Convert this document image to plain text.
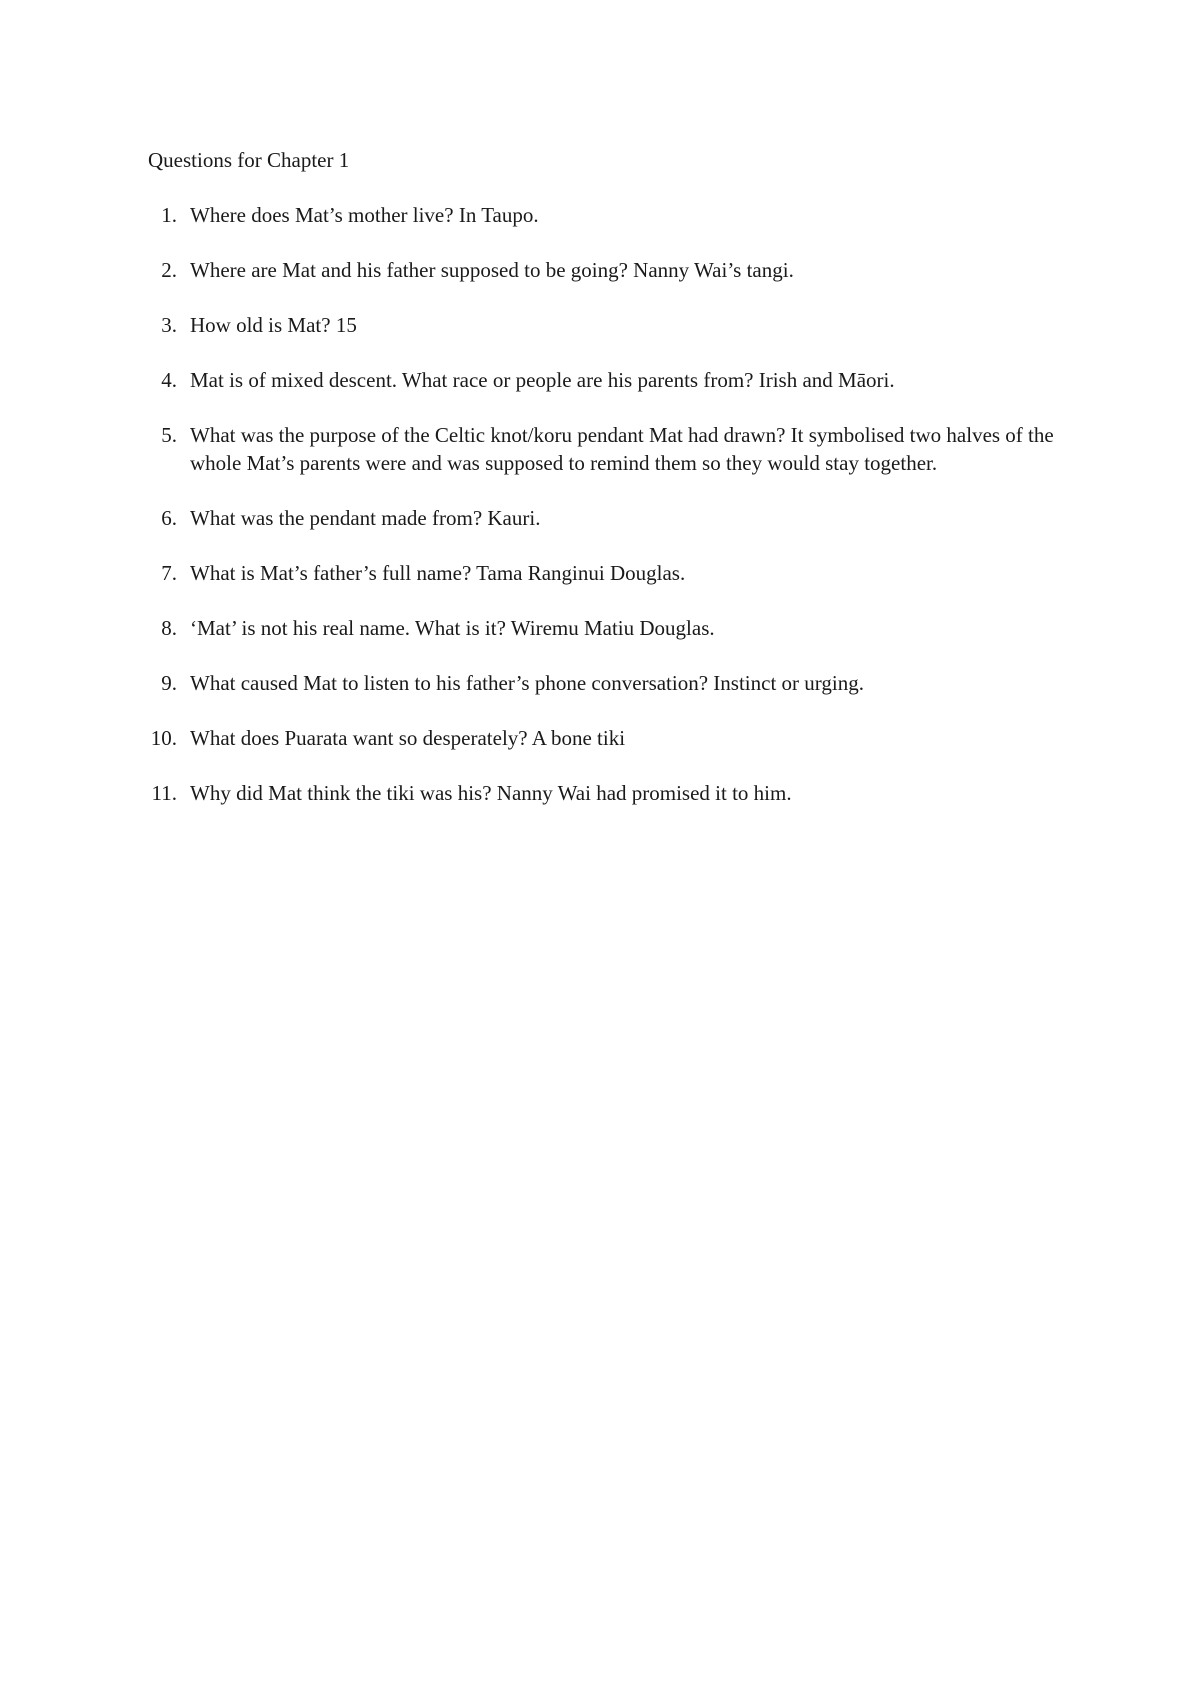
Questions for Chapter 1
1. Where does Mat’s mother live? In Taupo.
2. Where are Mat and his father supposed to be going? Nanny Wai’s tangi.
3. How old is Mat? 15
4. Mat is of mixed descent. What race or people are his parents from? Irish and Māori.
5. What was the purpose of the Celtic knot/koru pendant Mat had drawn? It symbolised two halves of the whole Mat’s parents were and was supposed to remind them so they would stay together.
6. What was the pendant made from? Kauri.
7. What is Mat’s father’s full name? Tama Ranginui Douglas.
8. ‘Mat’ is not his real name. What is it? Wiremu Matiu Douglas.
9. What caused Mat to listen to his father’s phone conversation? Instinct or urging.
10. What does Puarata want so desperately? A bone tiki
11. Why did Mat think the tiki was his? Nanny Wai had promised it to him.
